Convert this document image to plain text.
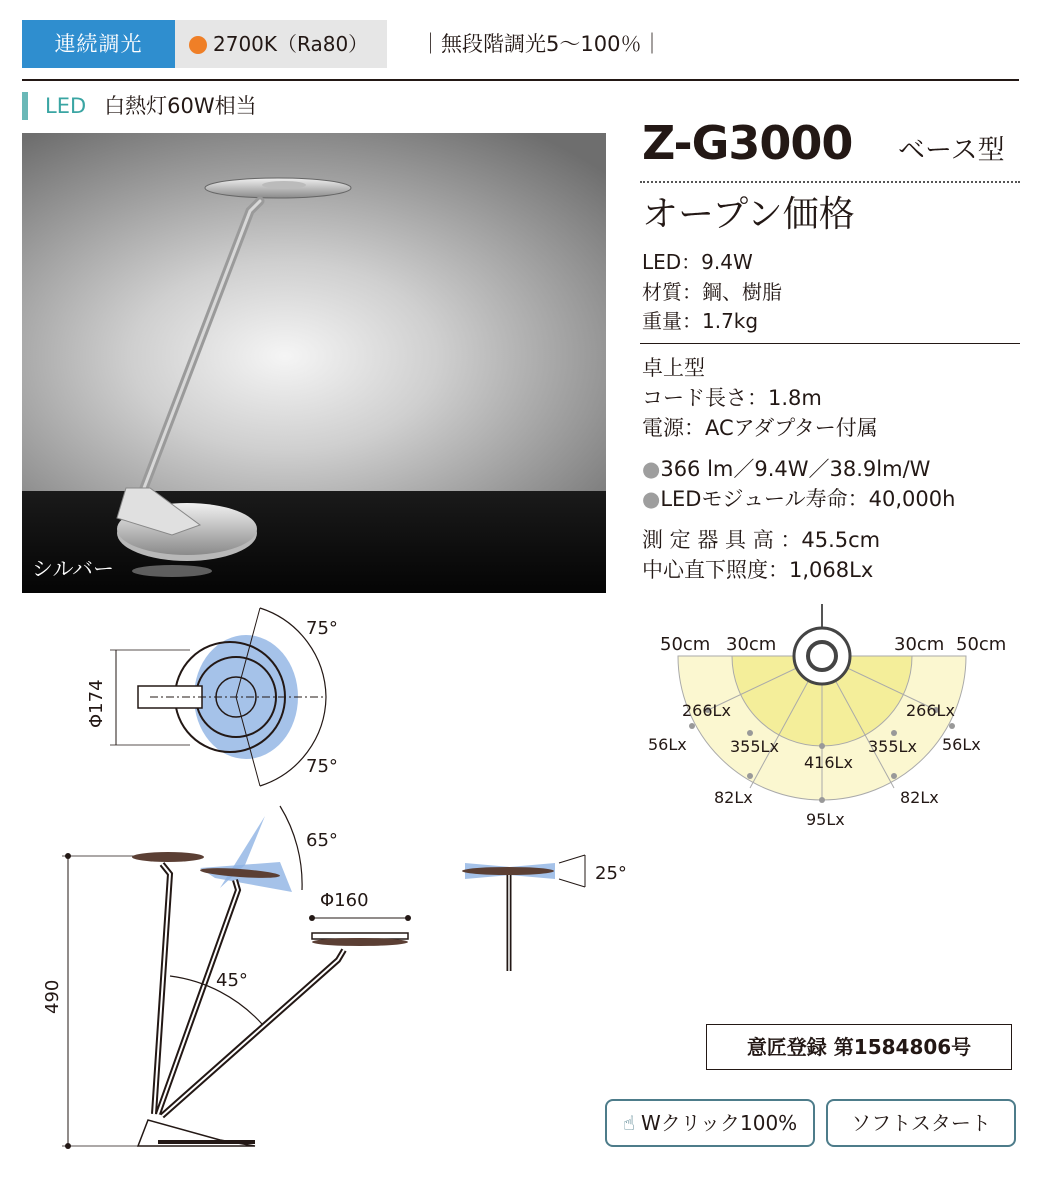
連続調光	2700K（Ra80）	｜無段階調光5～100％｜
LED 白熱灯60W相当
シルバー
Z-G3000 ベース型
オープン価格
LED：9.4W
材質：鋼、樹脂
重量：1.7kg
卓上型
コード長さ：1.8m
電源：ACアダプター付属
●366 lm／9.4W／38.9lm/W
●LEDモジュール寿命：40,000h
測 定 器 具 高 ：45.5cm
中心直下照度：1,068Lx
50cm 30cm	30cm 50cm
266Lx	266Lx
56Lx	355Lx	355Lx 56Lx
416Lx
82Lx	82Lx
95Lx
75°
75°
Φ174
65°
45°
Φ160
490
25°
意匠登録 第1584806号
☝ Wクリック100%	ソフトスタート
